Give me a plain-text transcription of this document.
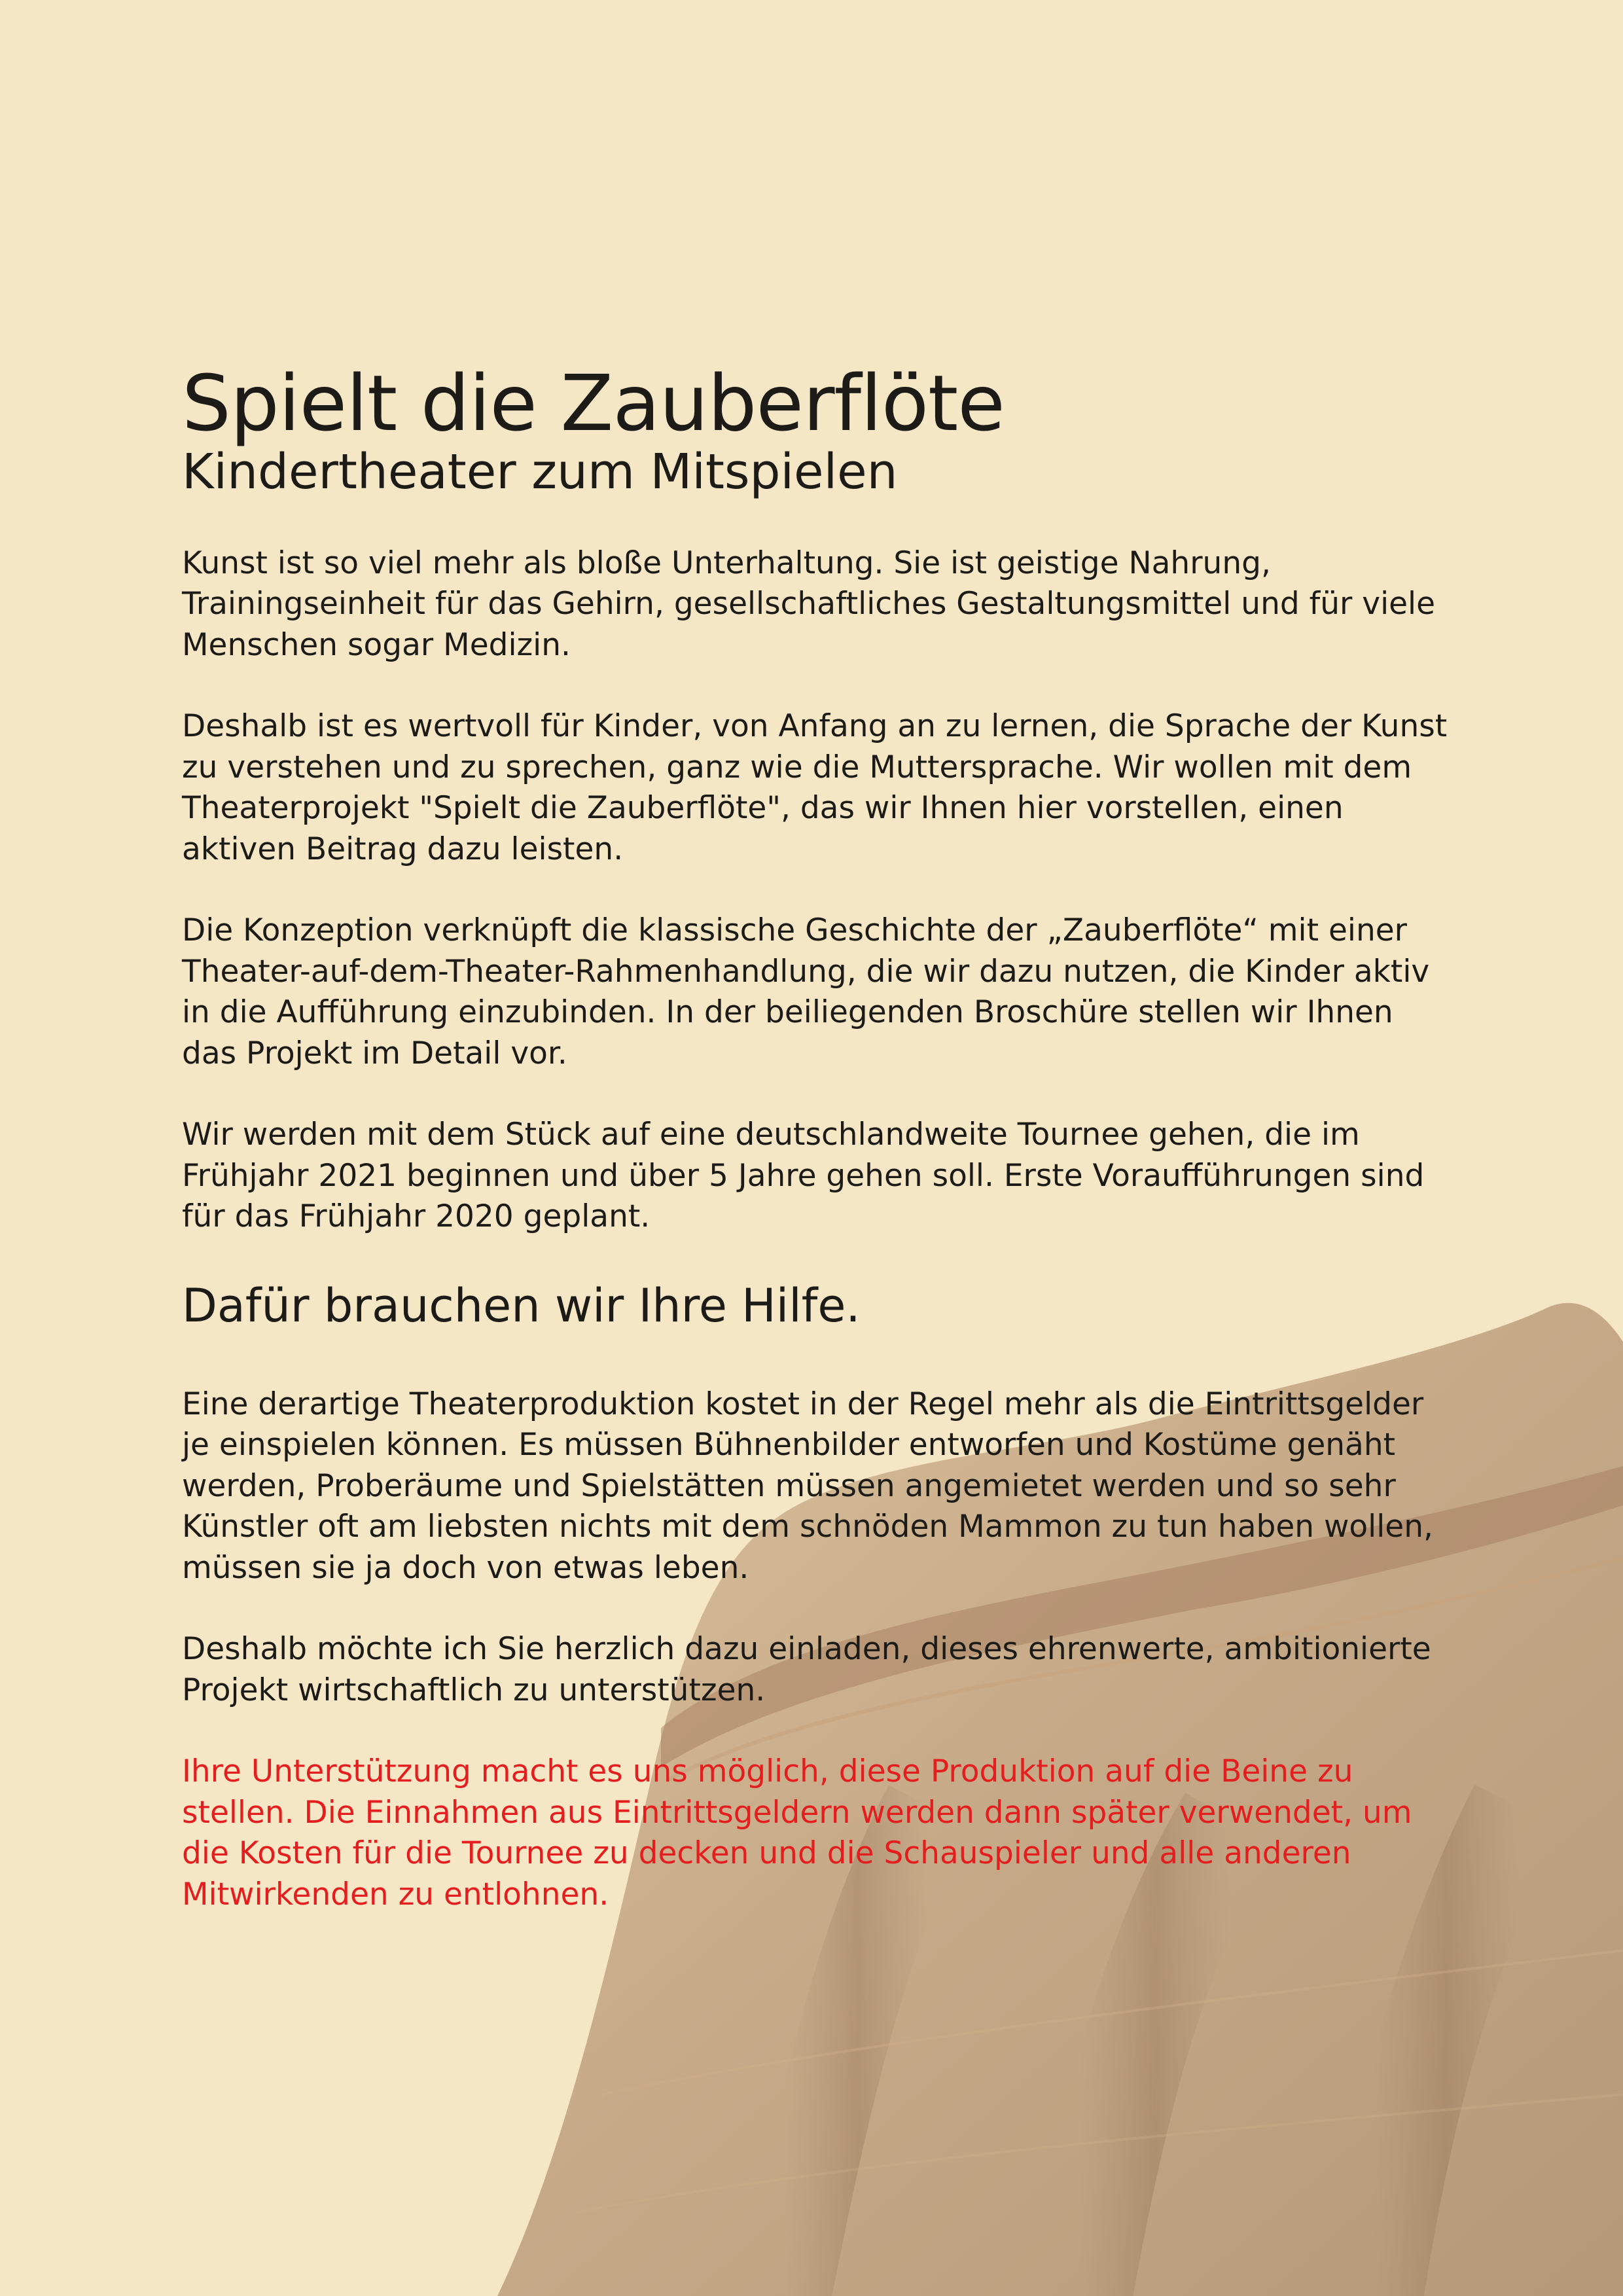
Spielt die Zauberflöte
Kindertheater zum Mitspielen

Kunst ist so viel mehr als bloße Unterhaltung. Sie ist geistige Nahrung, Trainingseinheit für das Gehirn, gesellschaftliches Gestaltungsmittel und für viele Menschen sogar Medizin.

Deshalb ist es wertvoll für Kinder, von Anfang an zu lernen, die Sprache der Kunst zu verstehen und zu sprechen, ganz wie die Muttersprache. Wir wollen mit dem Theaterprojekt "Spielt die Zauberflöte", das wir Ihnen hier vorstellen, einen aktiven Beitrag dazu leisten.

Die Konzeption verknüpft die klassische Geschichte der „Zauberflöte“ mit einer Theater-auf-dem-Theater-Rahmenhandlung, die wir dazu nutzen, die Kinder aktiv in die Aufführung einzubinden. In der beiliegenden Broschüre stellen wir Ihnen das Projekt im Detail vor.

Wir werden mit dem Stück auf eine deutschlandweite Tournee gehen, die im Frühjahr 2021 beginnen und über 5 Jahre gehen soll. Erste Voraufführungen sind für das Frühjahr 2020 geplant.

Dafür brauchen wir Ihre Hilfe.

Eine derartige Theaterproduktion kostet in der Regel mehr als die Eintrittsgelder je einspielen können. Es müssen Bühnenbilder entworfen und Kostüme genäht werden, Proberäume und Spielstätten müssen angemietet werden und so sehr Künstler oft am liebsten nichts mit dem schnöden Mammon zu tun haben wollen, müssen sie ja doch von etwas leben.

Deshalb möchte ich Sie herzlich dazu einladen, dieses ehrenwerte, ambitionierte Projekt wirtschaftlich zu unterstützen.

Ihre Unterstützung macht es uns möglich, diese Produktion auf die Beine zu stellen. Die Einnahmen aus Eintrittsgeldern werden dann später verwendet, um die Kosten für die Tournee zu decken und die Schauspieler und alle anderen Mitwirkenden zu entlohnen.
